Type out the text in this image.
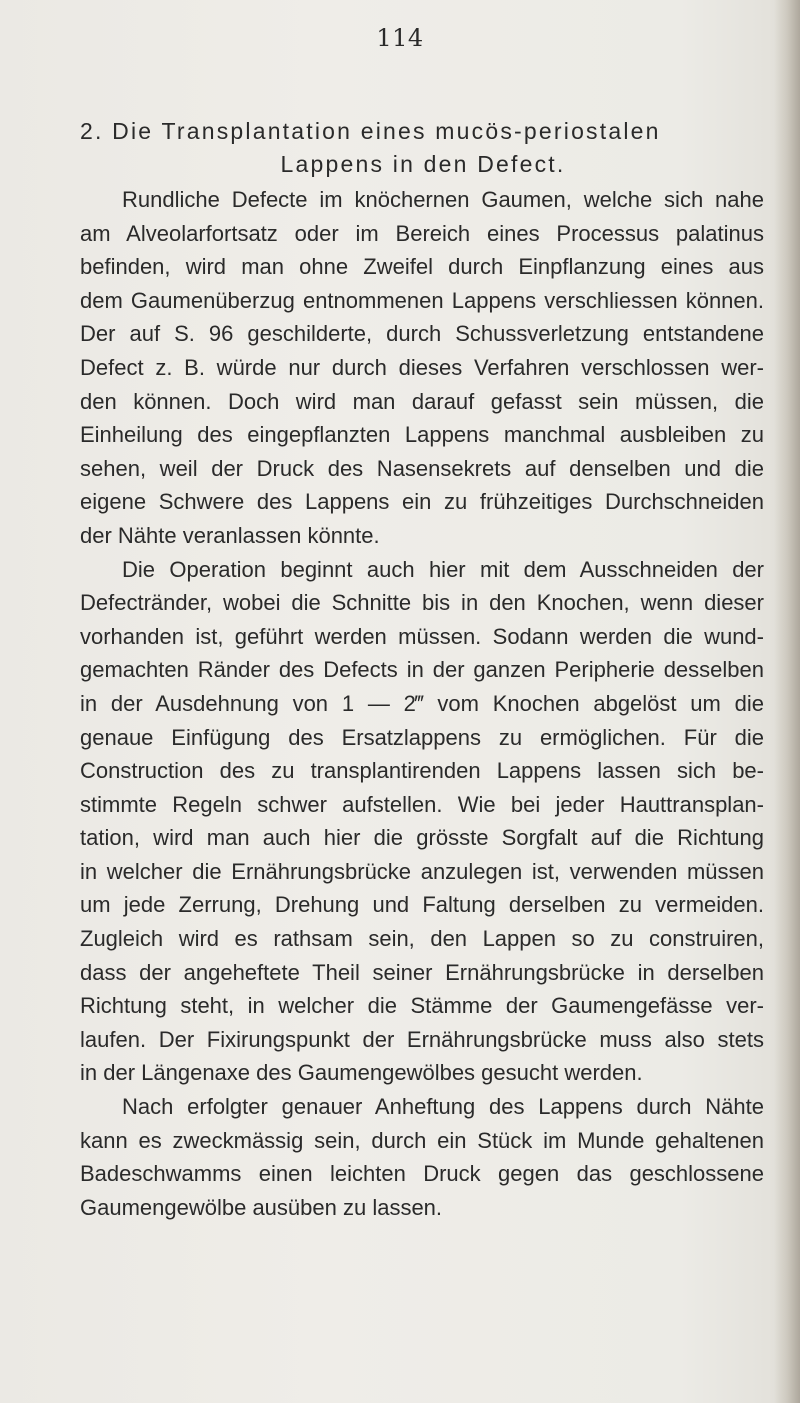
114
2. Die Transplantation eines mucös-periostalen
Lappens in den Defect.
Rundliche Defecte im knöchernen Gaumen, welche sich nahe
am Alveolarfortsatz oder im Bereich eines Processus palatinus
befinden, wird man ohne Zweifel durch Einpflanzung eines aus
dem Gaumenüberzug entnommenen Lappens verschliessen können.
Der auf S. 96 geschilderte, durch Schussverletzung entstandene
Defect z. B. würde nur durch dieses Verfahren verschlossen wer-
den können. Doch wird man darauf gefasst sein müssen, die
Einheilung des eingepflanzten Lappens manchmal ausbleiben zu
sehen, weil der Druck des Nasensekrets auf denselben und die
eigene Schwere des Lappens ein zu frühzeitiges Durchschneiden
der Nähte veranlassen könnte.
Die Operation beginnt auch hier mit dem Ausschneiden der
Defectränder, wobei die Schnitte bis in den Knochen, wenn dieser
vorhanden ist, geführt werden müssen. Sodann werden die wund-
gemachten Ränder des Defects in der ganzen Peripherie desselben
in der Ausdehnung von 1 — 2‴ vom Knochen abgelöst um die
genaue Einfügung des Ersatzlappens zu ermöglichen. Für die
Construction des zu transplantirenden Lappens lassen sich be-
stimmte Regeln schwer aufstellen. Wie bei jeder Hauttransplan-
tation, wird man auch hier die grösste Sorgfalt auf die Richtung
in welcher die Ernährungsbrücke anzulegen ist, verwenden müssen
um jede Zerrung, Drehung und Faltung derselben zu vermeiden.
Zugleich wird es rathsam sein, den Lappen so zu construiren,
dass der angeheftete Theil seiner Ernährungsbrücke in derselben
Richtung steht, in welcher die Stämme der Gaumengefässe ver-
laufen. Der Fixirungspunkt der Ernährungsbrücke muss also stets
in der Längenaxe des Gaumengewölbes gesucht werden.
Nach erfolgter genauer Anheftung des Lappens durch Nähte
kann es zweckmässig sein, durch ein Stück im Munde gehaltenen
Badeschwamms einen leichten Druck gegen das geschlossene
Gaumengewölbe ausüben zu lassen.
